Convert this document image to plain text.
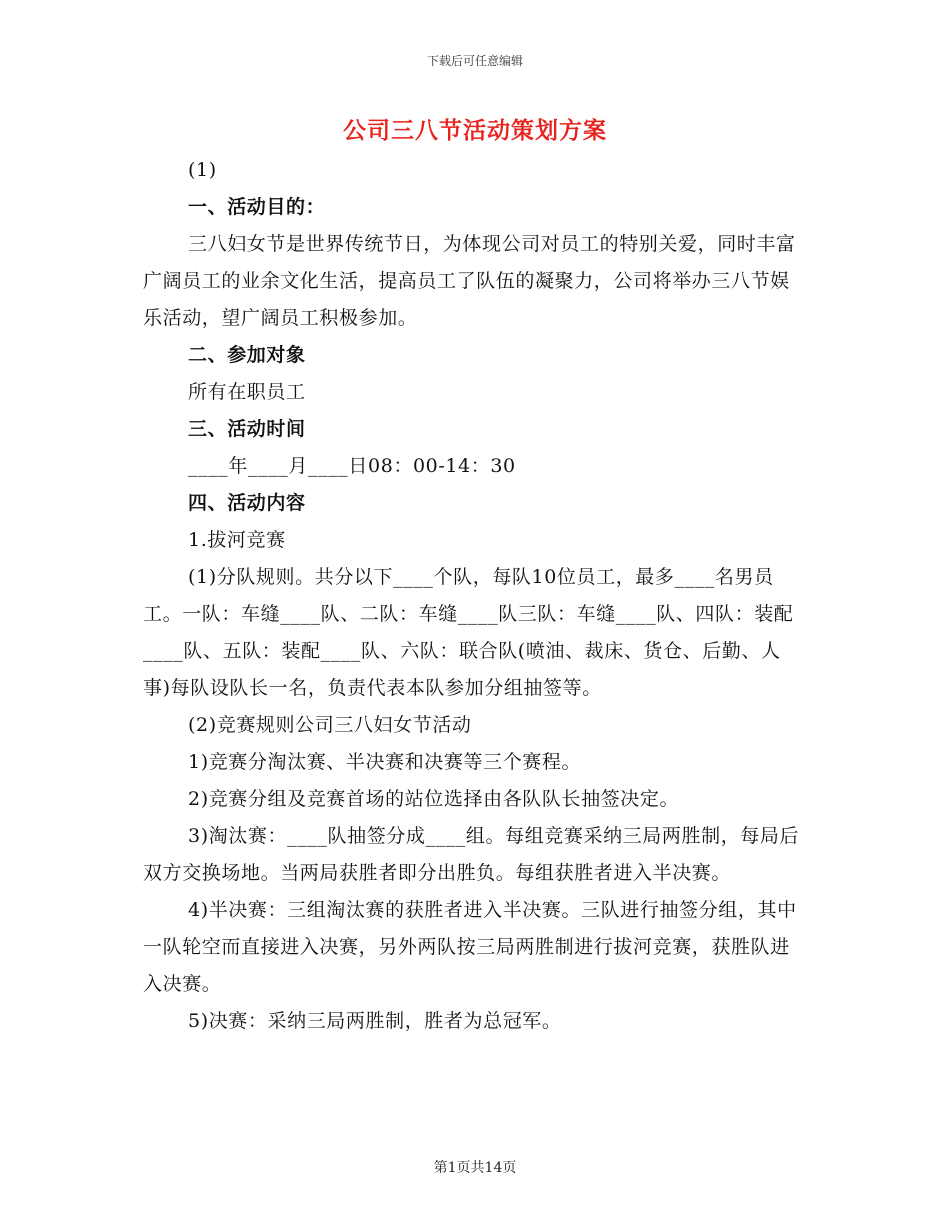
下载后可任意编辑
公司三八节活动策划方案

(1)

一、活动目的：

三八妇女节是世界传统节日，为体现公司对员工的特别关爱，同时丰富广阔员工的业余文化生活，提高员工了队伍的凝聚力，公司将举办三八节娱乐活动，望广阔员工积极参加。

二、参加对象

所有在职员工

三、活动时间

____年____月____日08：00-14：30

四、活动内容

1.拔河竞赛

(1)分队规则。共分以下____个队，每队10位员工，最多____名男员工。一队：车缝____队、二队：车缝____队三队：车缝____队、四队：装配____队、五队：装配____队、六队：联合队(喷油、裁床、货仓、后勤、人事)每队设队长一名，负责代表本队参加分组抽签等。

(2)竞赛规则公司三八妇女节活动

1)竞赛分淘汰赛、半决赛和决赛等三个赛程。

2)竞赛分组及竞赛首场的站位选择由各队队长抽签决定。

3)淘汰赛：____队抽签分成____组。每组竞赛采纳三局两胜制，每局后双方交换场地。当两局获胜者即分出胜负。每组获胜者进入半决赛。

4)半决赛：三组淘汰赛的获胜者进入半决赛。三队进行抽签分组，其中一队轮空而直接进入决赛，另外两队按三局两胜制进行拔河竞赛，获胜队进入决赛。

5)决赛：采纳三局两胜制，胜者为总冠军。

第1页共14页
